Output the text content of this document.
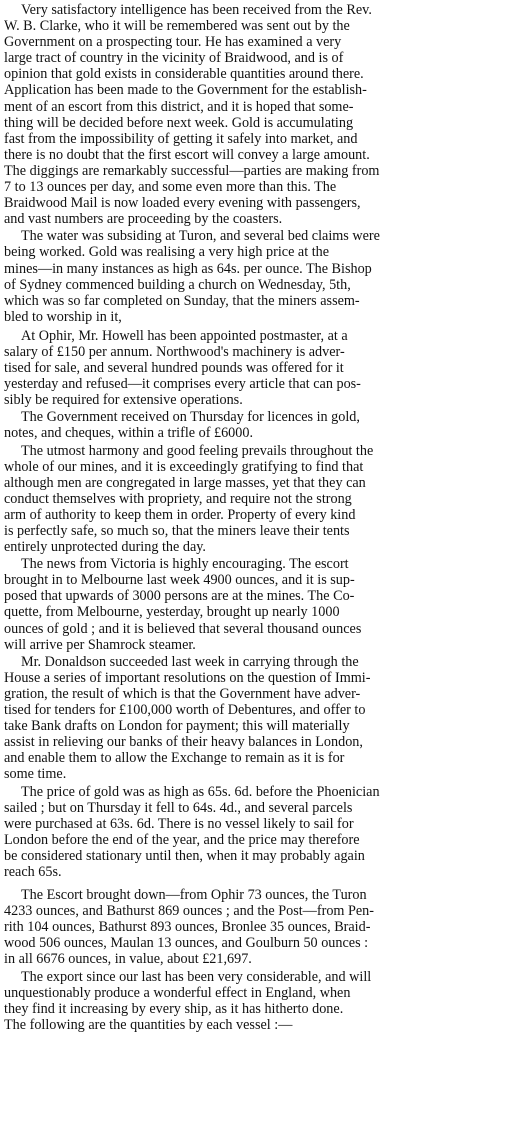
Very satisfactory intelligence has been received from the Rev.
W. B. Clarke, who it will be remembered was sent out by the
Government on a prospecting tour. He has examined a very
large tract of country in the vicinity of Braidwood, and is of
opinion that gold exists in considerable quantities around there.
Application has been made to the Government for the establish-
ment of an escort from this district, and it is hoped that some-
thing will be decided before next week. Gold is accumulating
fast from the impossibility of getting it safely into market, and
there is no doubt that the first escort will convey a large amount.
The diggings are remarkably successful—parties are making from
7 to 13 ounces per day, and some even more than this. The
Braidwood Mail is now loaded every evening with passengers,
and vast numbers are proceeding by the coasters.
The water was subsiding at Turon, and several bed claims were
being worked. Gold was realising a very high price at the
mines—in many instances as high as 64s. per ounce. The Bishop
of Sydney commenced building a church on Wednesday, 5th,
which was so far completed on Sunday, that the miners assem-
bled to worship in it,
At Ophir, Mr. Howell has been appointed postmaster, at a
salary of £150 per annum. Northwood's machinery is adver-
tised for sale, and several hundred pounds was offered for it
yesterday and refused—it comprises every article that can pos-
sibly be required for extensive operations.
The Government received on Thursday for licences in gold,
notes, and cheques, within a trifle of £6000.
The utmost harmony and good feeling prevails throughout the
whole of our mines, and it is exceedingly gratifying to find that
although men are congregated in large masses, yet that they can
conduct themselves with propriety, and require not the strong
arm of authority to keep them in order. Property of every kind
is perfectly safe, so much so, that the miners leave their tents
entirely unprotected during the day.
The news from Victoria is highly encouraging. The escort
brought in to Melbourne last week 4900 ounces, and it is sup-
posed that upwards of 3000 persons are at the mines. The Co-
quette, from Melbourne, yesterday, brought up nearly 1000
ounces of gold ; and it is believed that several thousand ounces
will arrive per Shamrock steamer.
Mr. Donaldson succeeded last week in carrying through the
House a series of important resolutions on the question of Immi-
gration, the result of which is that the Government have adver-
tised for tenders for £100,000 worth of Debentures, and offer to
take Bank drafts on London for payment; this will materially
assist in relieving our banks of their heavy balances in London,
and enable them to allow the Exchange to remain as it is for
some time.
The price of gold was as high as 65s. 6d. before the Phoenician
sailed ; but on Thursday it fell to 64s. 4d., and several parcels
were purchased at 63s. 6d. There is no vessel likely to sail for
London before the end of the year, and the price may therefore
be considered stationary until then, when it may probably again
reach 65s.
The Escort brought down—from Ophir 73 ounces, the Turon
4233 ounces, and Bathurst 869 ounces ; and the Post—from Pen-
rith 104 ounces, Bathurst 893 ounces, Bronlee 35 ounces, Braid-
wood 506 ounces, Maulan 13 ounces, and Goulburn 50 ounces :
in all 6676 ounces, in value, about £21,697.
The export since our last has been very considerable, and will
unquestionably produce a wonderful effect in England, when
they find it increasing by every ship, as it has hitherto done.
The following are the quantities by each vessel :—
